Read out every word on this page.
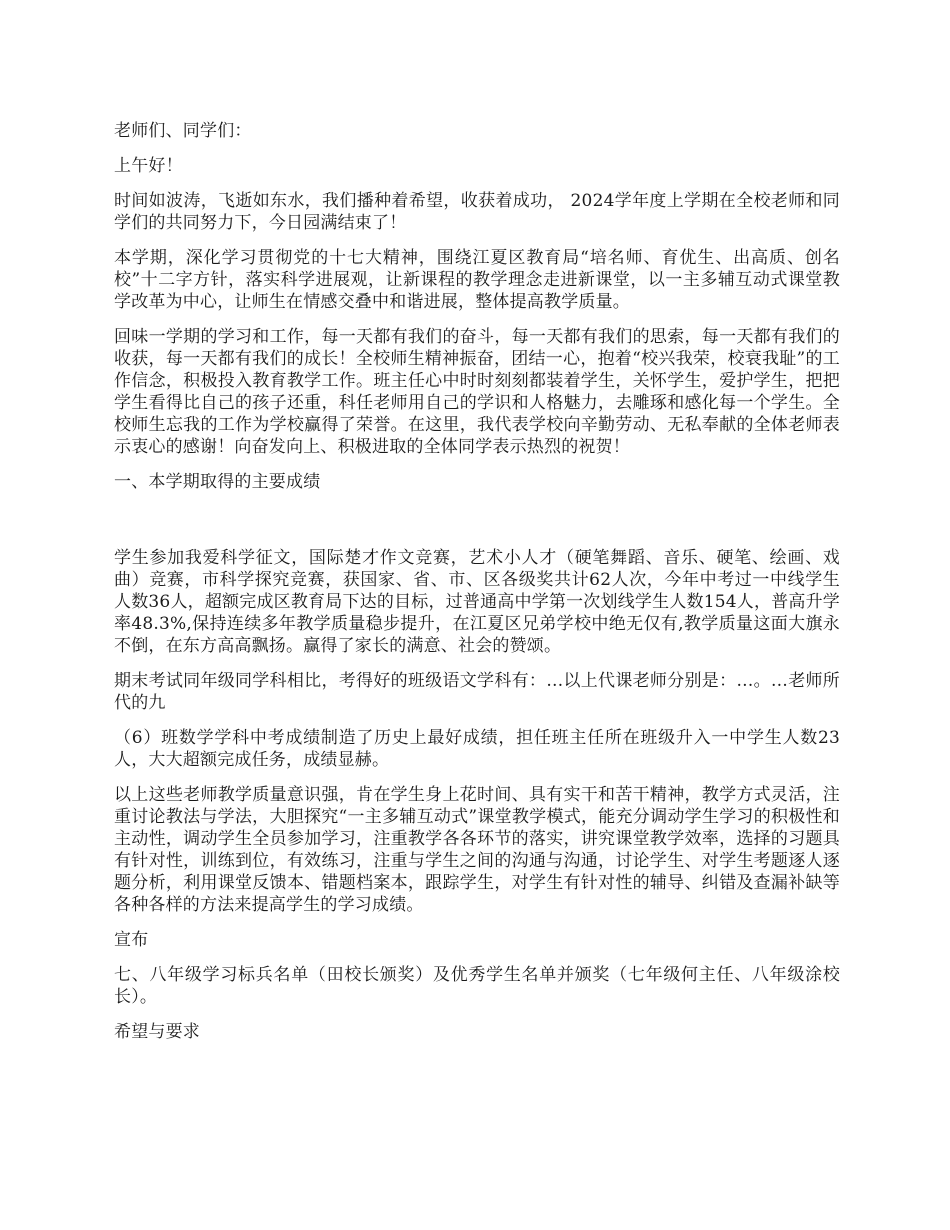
老师们、同学们：

上午好！

时间如波涛，飞逝如东水，我们播种着希望，收获着成功， 2024学年度上学期在全校老师和同学们的共同努力下，今日园满结束了！

本学期，深化学习贯彻党的十七大精神，围绕江夏区教育局“培名师、育优生、出高质、创名校”十二字方针，落实科学进展观，让新课程的教学理念走进新课堂，以一主多辅互动式课堂教学改革为中心，让师生在情感交叠中和谐进展，整体提高教学质量。

回味一学期的学习和工作，每一天都有我们的奋斗，每一天都有我们的思索，每一天都有我们的收获，每一天都有我们的成长！全校师生精神振奋，团结一心，抱着“校兴我荣，校衰我耻”的工作信念，积极投入教育教学工作。班主任心中时时刻刻都装着学生，关怀学生，爱护学生，把把学生看得比自己的孩子还重，科任老师用自己的学识和人格魅力，去雕琢和感化每一个学生。全校师生忘我的工作为学校赢得了荣誉。在这里，我代表学校向辛勤劳动、无私奉献的全体老师表示衷心的感谢！向奋发向上、积极进取的全体同学表示热烈的祝贺！

一、本学期取得的主要成绩

学生参加我爱科学征文，国际楚才作文竞赛，艺术小人才（硬笔舞蹈、音乐、硬笔、绘画、戏曲）竞赛，市科学探究竞赛，获国家、省、市、区各级奖共计62人次，今年中考过一中线学生人数36人，超额完成区教育局下达的目标，过普通高中学第一次划线学生人数154人，普高升学率48.3%,保持连续多年教学质量稳步提升，在江夏区兄弟学校中绝无仅有,教学质量这面大旗永不倒，在东方高高飘扬。赢得了家长的满意、社会的赞颂。

期末考试同年级同学科相比，考得好的班级语文学科有：…以上代课老师分别是：…。…老师所代的九

（6）班数学学科中考成绩制造了历史上最好成绩，担任班主任所在班级升入一中学生人数23人，大大超额完成任务，成绩显赫。

以上这些老师教学质量意识强，肯在学生身上花时间、具有实干和苦干精神，教学方式灵活，注重讨论教法与学法，大胆探究“一主多辅互动式”课堂教学模式，能充分调动学生学习的积极性和主动性，调动学生全员参加学习，注重教学各各环节的落实，讲究课堂教学效率，选择的习题具有针对性，训练到位，有效练习，注重与学生之间的沟通与沟通，讨论学生、对学生考题逐人逐题分析，利用课堂反馈本、错题档案本，跟踪学生，对学生有针对性的辅导、纠错及查漏补缺等各种各样的方法来提高学生的学习成绩。

宣布

七、八年级学习标兵名单（田校长颁奖）及优秀学生名单并颁奖（七年级何主任、八年级涂校长）。

希望与要求
